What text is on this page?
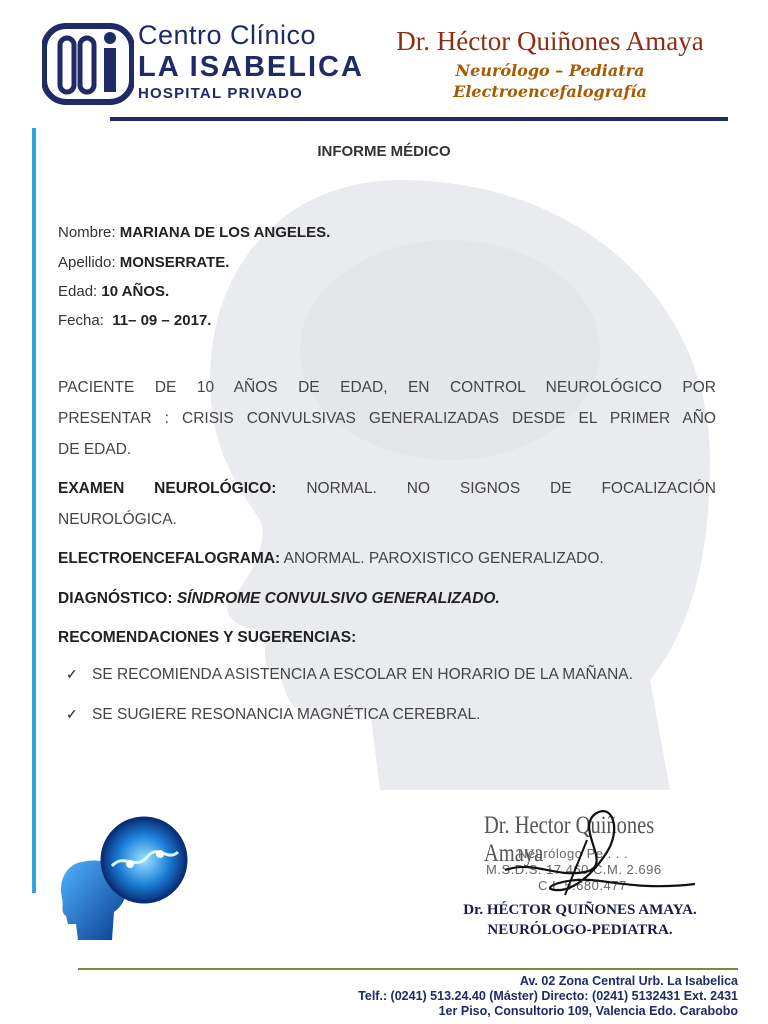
Centro Clínico
LA ISABELICA
HOSPITAL PRIVADO
Dr. Héctor Quiñones Amaya
Neurólogo – Pediatra
Electroencefalografía
INFORME MÉDICO
Nombre: MARIANA DE LOS ANGELES.
Apellido: MONSERRATE.
Edad: 10 AÑOS.
Fecha: 11– 09 – 2017.
PACIENTE DE 10 AÑOS DE EDAD, EN CONTROL NEUROLÓGICO POR
PRESENTAR : CRISIS CONVULSIVAS GENERALIZADAS DESDE EL PRIMER AÑO
DE EDAD.
EXAMEN NEUROLÓGICO: NORMAL. NO SIGNOS DE FOCALIZACIÓN
NEUROLÓGICA.
ELECTROENCEFALOGRAMA: ANORMAL. PAROXISTICO GENERALIZADO.
DIAGNÓSTICO: SÍNDROME CONVULSIVO GENERALIZADO.
RECOMENDACIONES Y SUGERENCIAS:
✓ SE RECOMIENDA ASISTENCIA A ESCOLAR EN HORARIO DE LA MAÑANA.
✓ SE SUGIERE RESONANCIA MAGNÉTICA CEREBRAL.
Dr. Hector Quiñones Amaya
Neurólogo Pe . . .
M.S.D.S. 17.460 C.M. 2.696
C.I. 5.680.477
Dr. HÉCTOR QUIÑONES AMAYA.
NEURÓLOGO-PEDIATRA.
Av. 02 Zona Central Urb. La Isabelica
Telf.: (0241) 513.24.40 (Máster) Directo: (0241) 5132431 Ext. 2431
1er Piso, Consultorio 109, Valencia Edo. Carabobo
